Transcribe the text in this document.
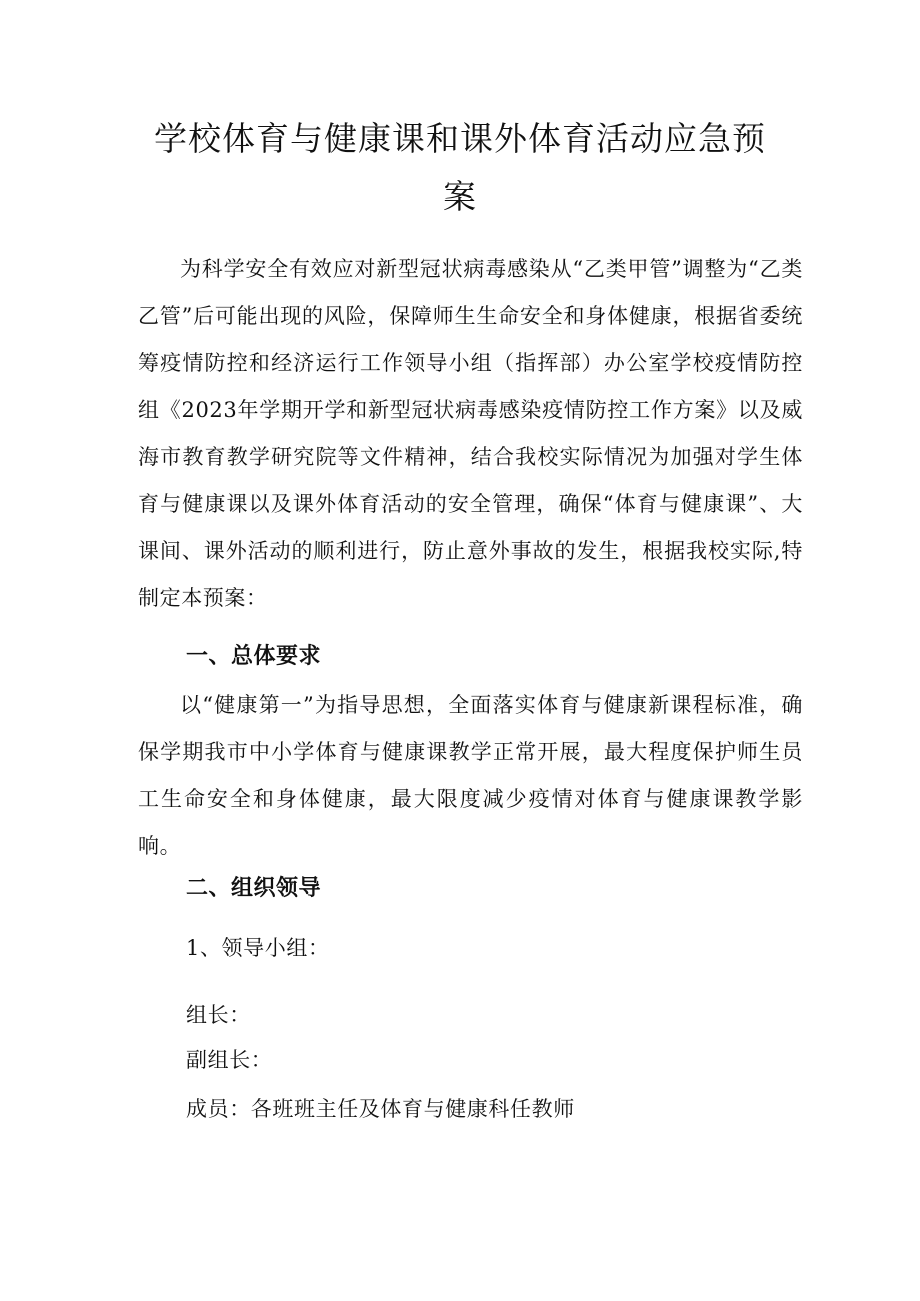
学校体育与健康课和课外体育活动应急预
案

为科学安全有效应对新型冠状病毒感染从“乙类甲管”调整为“乙类乙管”后可能出现的风险，保障师生生命安全和身体健康，根据省委统筹疫情防控和经济运行工作领导小组（指挥部）办公室学校疫情防控组《2023年学期开学和新型冠状病毒感染疫情防控工作方案》以及威海市教育教学研究院等文件精神，结合我校实际情况为加强对学生体育与健康课以及课外体育活动的安全管理，确保“体育与健康课”、大课间、课外活动的顺利进行，防止意外事故的发生，根据我校实际,特制定本预案：

一、总体要求

以“健康第一”为指导思想，全面落实体育与健康新课程标准，确保学期我市中小学体育与健康课教学正常开展，最大程度保护师生员工生命安全和身体健康，最大限度减少疫情对体育与健康课教学影响。

二、组织领导

1、领导小组：

组长：

副组长：

成员：各班班主任及体育与健康科任教师
